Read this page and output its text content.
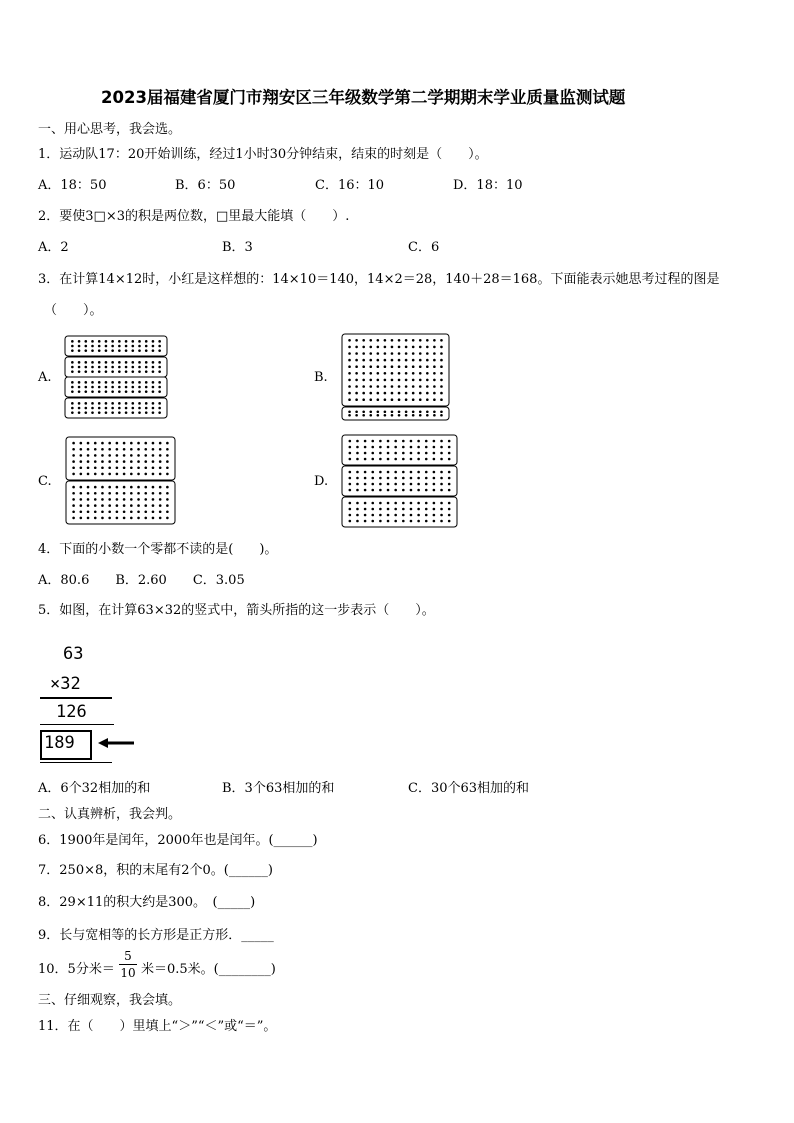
2023届福建省厦门市翔安区三年级数学第二学期期末学业质量监测试题
一、用心思考，我会选。
1．运动队17：20开始训练，经过1小时30分钟结束，结束的时刻是（　　）。
A．18：50	B．6：50	C．16：10	D．18：10
2．要使3□×3的积是两位数，□里最大能填（　　）.
A．2	B．3	C．6
3．在计算14×12时，小红是这样想的：14×10＝140，14×2＝28，140＋28＝168。下面能表示她思考过程的图是
（　　）。
A.	B.
C.	D.
4．下面的小数一个零都不读的是(　　)。
A．80.6　　B．2.60　　C．3.05
5．如图，在计算63×32的竖式中，箭头所指的这一步表示（　　）。
63
×32
126
189
A．6个32相加的和	B．3个63相加的和	C．30个63相加的和
二、认真辨析，我会判。
6．1900年是闰年，2000年也是闰年。(______)
7．250×8，积的末尾有2个0。(______)
8．29×11的积大约是300。　(_____)
9．长与宽相等的长方形是正方形．_____
10．5分米＝
5
10 米＝0.5米。(________)
三、仔细观察，我会填。
11．在（　　）里填上“＞”“＜”或“＝”。
